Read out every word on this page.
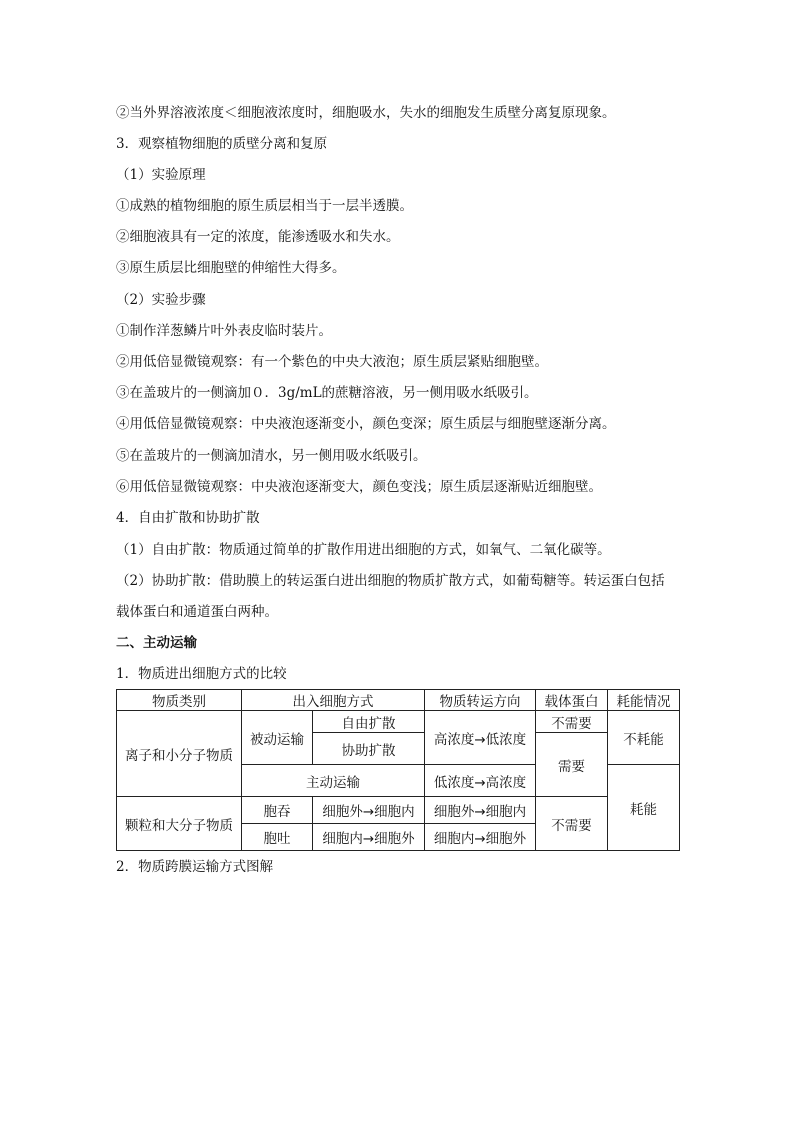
②当外界溶液浓度＜细胞液浓度时，细胞吸水，失水的细胞发生质壁分离复原现象。
3．观察植物细胞的质壁分离和复原
（1）实验原理
①成熟的植物细胞的原生质层相当于一层半透膜。
②细胞液具有一定的浓度，能渗透吸水和失水。
③原生质层比细胞壁的伸缩性大得多。
（2）实验步骤
①制作洋葱鳞片叶外表皮临时装片。
②用低倍显微镜观察：有一个紫色的中央大液泡；原生质层紧贴细胞壁。
③在盖玻片的一侧滴加０．3g/mL的蔗糖溶液，另一侧用吸水纸吸引。
④用低倍显微镜观察：中央液泡逐渐变小，颜色变深；原生质层与细胞壁逐渐分离。
⑤在盖玻片的一侧滴加清水，另一侧用吸水纸吸引。
⑥用低倍显微镜观察：中央液泡逐渐变大，颜色变浅；原生质层逐渐贴近细胞壁。
4．自由扩散和协助扩散
（1）自由扩散：物质通过简单的扩散作用进出细胞的方式，如氧气、二氧化碳等。
（2）协助扩散：借助膜上的转运蛋白进出细胞的物质扩散方式，如葡萄糖等。转运蛋白包括
载体蛋白和通道蛋白两种。
二、主动运输
1．物质进出细胞方式的比较
物质类别	出入细胞方式		物质转运方向	载体蛋白	耗能情况
离子和小分子物质	被动运输	自由扩散	高浓度→低浓度	不需要	不耗能
		协助扩散		需要	
	主动运输		低浓度→高浓度		耗能
颗粒和大分子物质	胞吞	细胞外→细胞内	细胞外→细胞内	不需要	
	胞吐	细胞内→细胞外	细胞内→细胞外		
2．物质跨膜运输方式图解
